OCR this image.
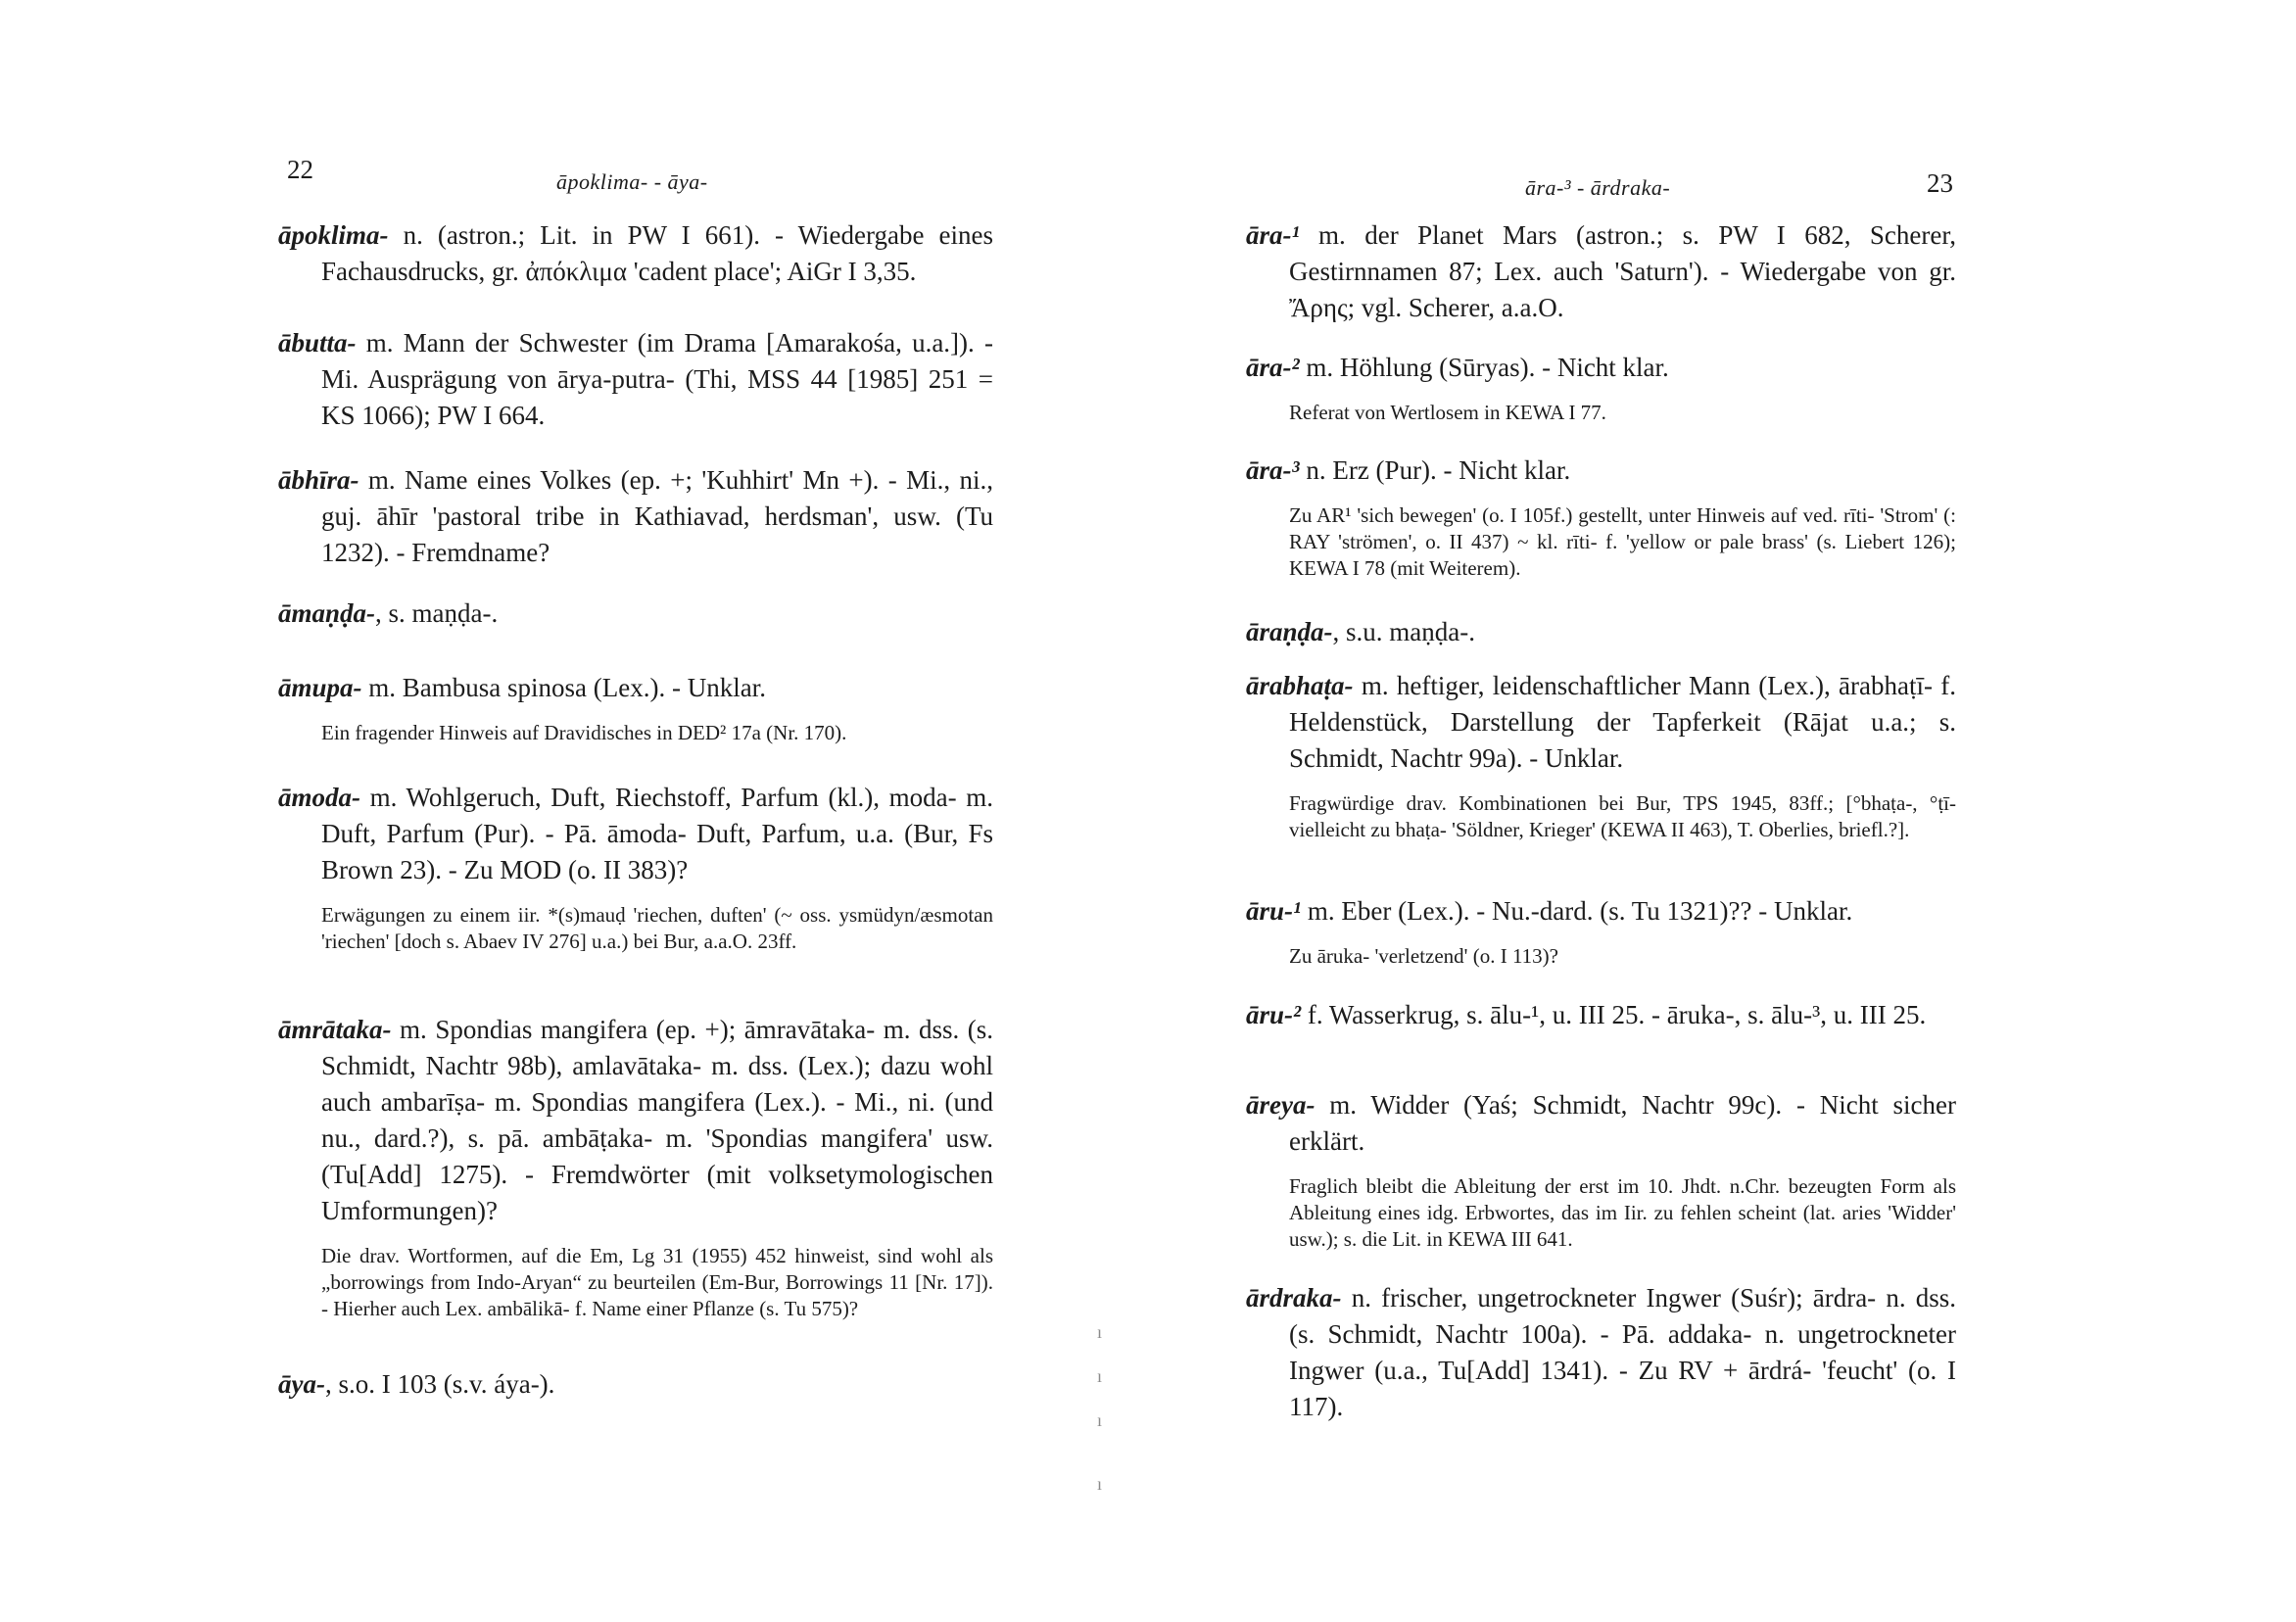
22	āpoklima- - āya-

āpoklima- n. (astron.; Lit. in PW I 661). - Wiedergabe eines Fachausdrucks, gr. ἀπόκλιμα 'cadent place'; AiGr I 3,35.

ābutta- m. Mann der Schwester (im Drama [Amarakośa, u.a.]). - Mi. Ausprägung von ārya-putra- (Thi, MSS 44 [1985] 251 = KS 1066); PW I 664.

ābhīra- m. Name eines Volkes (ep. +; 'Kuhhirt' Mn +). - Mi., ni., guj. āhīr 'pastoral tribe in Kathiavad, herdsman', usw. (Tu 1232). - Fremdname?

āmaṇḍa-, s. maṇḍa-.

āmupa- m. Bambusa spinosa (Lex.). - Unklar.

Ein fragender Hinweis auf Dravidisches in DED² 17a (Nr. 170).

āmoda- m. Wohlgeruch, Duft, Riechstoff, Parfum (kl.), moda- m. Duft, Parfum (Pur). - Pā. āmoda- Duft, Parfum, u.a. (Bur, Fs Brown 23). - Zu MOD (o. II 383)?

Erwägungen zu einem iir. *(s)mauḍ 'riechen, duften' (~ oss. ysmüdyn/æsmotan 'riechen' [doch s. Abaev IV 276] u.a.) bei Bur, a.a.O. 23ff.

āmrātaka- m. Spondias mangifera (ep. +); āmravātaka- m. dss. (s. Schmidt, Nachtr 98b), amlavātaka- m. dss. (Lex.); dazu wohl auch ambarīṣa- m. Spondias mangifera (Lex.). - Mi., ni. (und nu., dard.?), s. pā. ambāṭaka- m. 'Spondias mangifera' usw. (Tu[Add] 1275). - Fremdwörter (mit volksetymologischen Umformungen)?

Die drav. Wortformen, auf die Em, Lg 31 (1955) 452 hinweist, sind wohl als „borrowings from Indo-Aryan“ zu beurteilen (Em-Bur, Borrowings 11 [Nr. 17]). - Hierher auch Lex. ambālikā- f. Name einer Pflanze (s. Tu 575)?

āya-, s.o. I 103 (s.v. áya-).

ı
ı
ı
ı
āra-³ - ārdraka-	23

āra-¹ m. der Planet Mars (astron.; s. PW I 682, Scherer, Gestirnnamen 87; Lex. auch 'Saturn'). - Wiedergabe von gr. Ἄρης; vgl. Scherer, a.a.O.

āra-² m. Höhlung (Sūryas). - Nicht klar.

Referat von Wertlosem in KEWA I 77.

āra-³ n. Erz (Pur). - Nicht klar.

Zu AR¹ 'sich bewegen' (o. I 105f.) gestellt, unter Hinweis auf ved. rīti- 'Strom' (: RAY 'strömen', o. II 437) ~ kl. rīti- f. 'yellow or pale brass' (s. Liebert 126); KEWA I 78 (mit Weiterem).

āraṇḍa-, s.u. maṇḍa-.

ārabhaṭa- m. heftiger, leidenschaftlicher Mann (Lex.), ārabhaṭī- f. Heldenstück, Darstellung der Tapferkeit (Rājat u.a.; s. Schmidt, Nachtr 99a). - Unklar.

Fragwürdige drav. Kombinationen bei Bur, TPS 1945, 83ff.; [°bhaṭa-, °ṭī- vielleicht zu bhaṭa- 'Söldner, Krieger' (KEWA II 463), T. Oberlies, briefl.?].

āru-¹ m. Eber (Lex.). - Nu.-dard. (s. Tu 1321)?? - Unklar.

Zu āruka- 'verletzend' (o. I 113)?

āru-² f. Wasserkrug, s. ālu-¹, u. III 25. - āruka-, s. ālu-³, u. III 25.

āreya- m. Widder (Yaś; Schmidt, Nachtr 99c). - Nicht sicher erklärt.

Fraglich bleibt die Ableitung der erst im 10. Jhdt. n.Chr. bezeugten Form als Ableitung eines idg. Erbwortes, das im Iir. zu fehlen scheint (lat. aries 'Widder' usw.); s. die Lit. in KEWA III 641.

ārdraka- n. frischer, ungetrockneter Ingwer (Suśr); ārdra- n. dss. (s. Schmidt, Nachtr 100a). - Pā. addaka- n. ungetrockneter Ingwer (u.a., Tu[Add] 1341). - Zu RV + ārdrá- 'feucht' (o. I 117).
